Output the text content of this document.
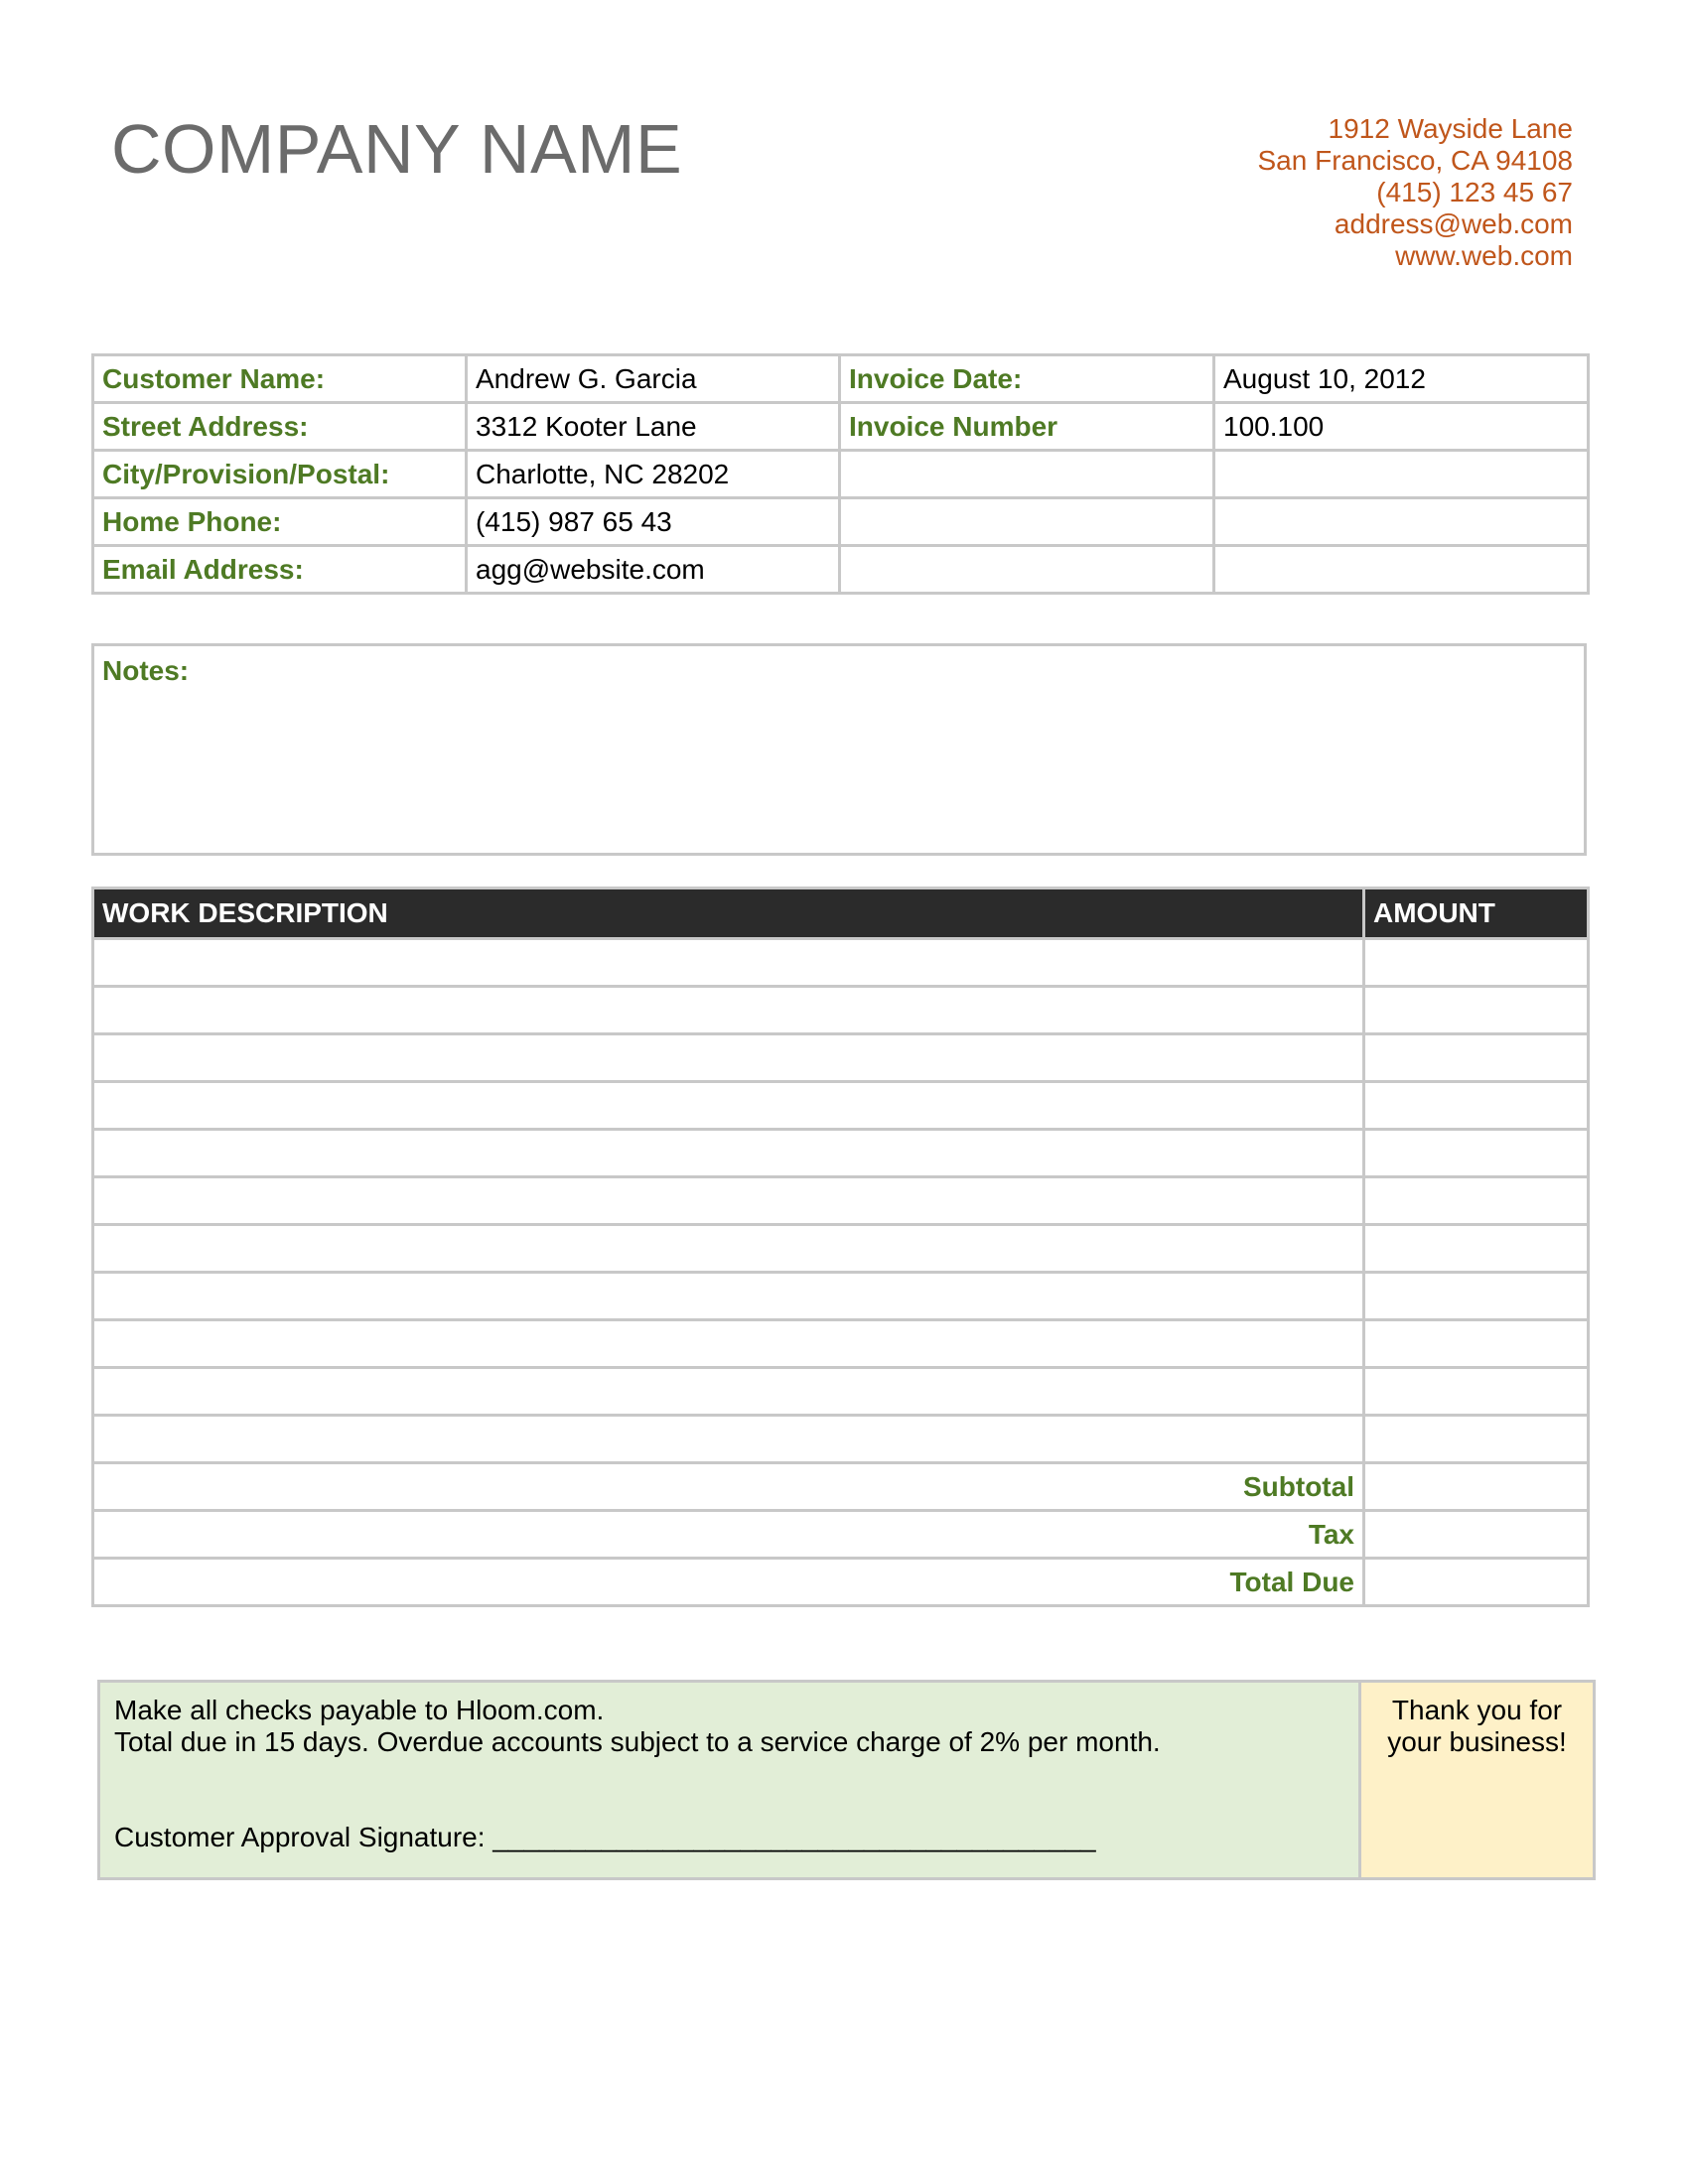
COMPANY NAME	1912 Wayside Lane
San Francisco, CA 94108
(415) 123 45 67
address@web.com
www.web.com
Customer Name:	Andrew G. Garcia	Invoice Date:	August 10, 2012
Street Address:	3312 Kooter Lane	Invoice Number	100.100
City/Provision/Postal:	Charlotte, NC 28202		
Home Phone:	(415) 987 65 43		
Email Address:	agg@website.com		
Notes:
WORK DESCRIPTION	AMOUNT

Subtotal	
Tax	
Total Due	
Make all checks payable to Hloom.com.
Total due in 15 days. Overdue accounts subject to a service charge of 2% per month.
Customer Approval Signature: _______________________________________

Thank you for
your business!
